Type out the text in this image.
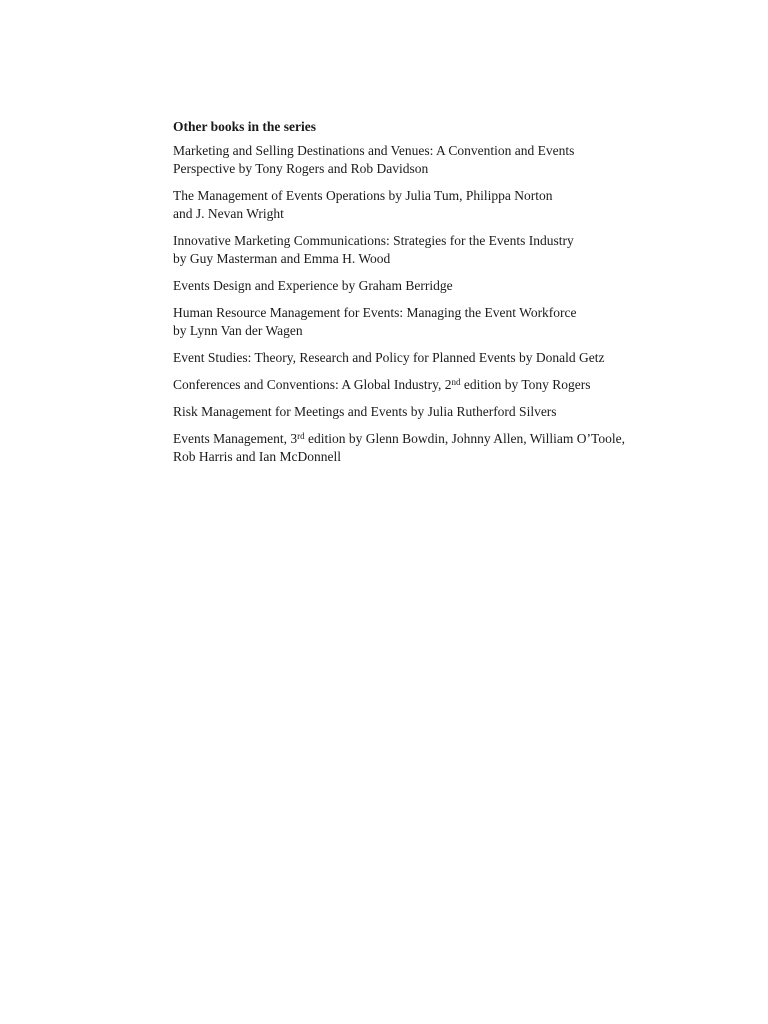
Other books in the series
Marketing and Selling Destinations and Venues: A Convention and Events
Perspective by Tony Rogers and Rob Davidson
The Management of Events Operations by Julia Tum, Philippa Norton
and J. Nevan Wright
Innovative Marketing Communications: Strategies for the Events Industry
by Guy Masterman and Emma H. Wood
Events Design and Experience by Graham Berridge
Human Resource Management for Events: Managing the Event Workforce
by Lynn Van der Wagen
Event Studies: Theory, Research and Policy for Planned Events by Donald Getz
Conferences and Conventions: A Global Industry, 2nd edition by Tony Rogers
Risk Management for Meetings and Events by Julia Rutherford Silvers
Events Management, 3rd edition by Glenn Bowdin, Johnny Allen, William O’Toole,
Rob Harris and Ian McDonnell
